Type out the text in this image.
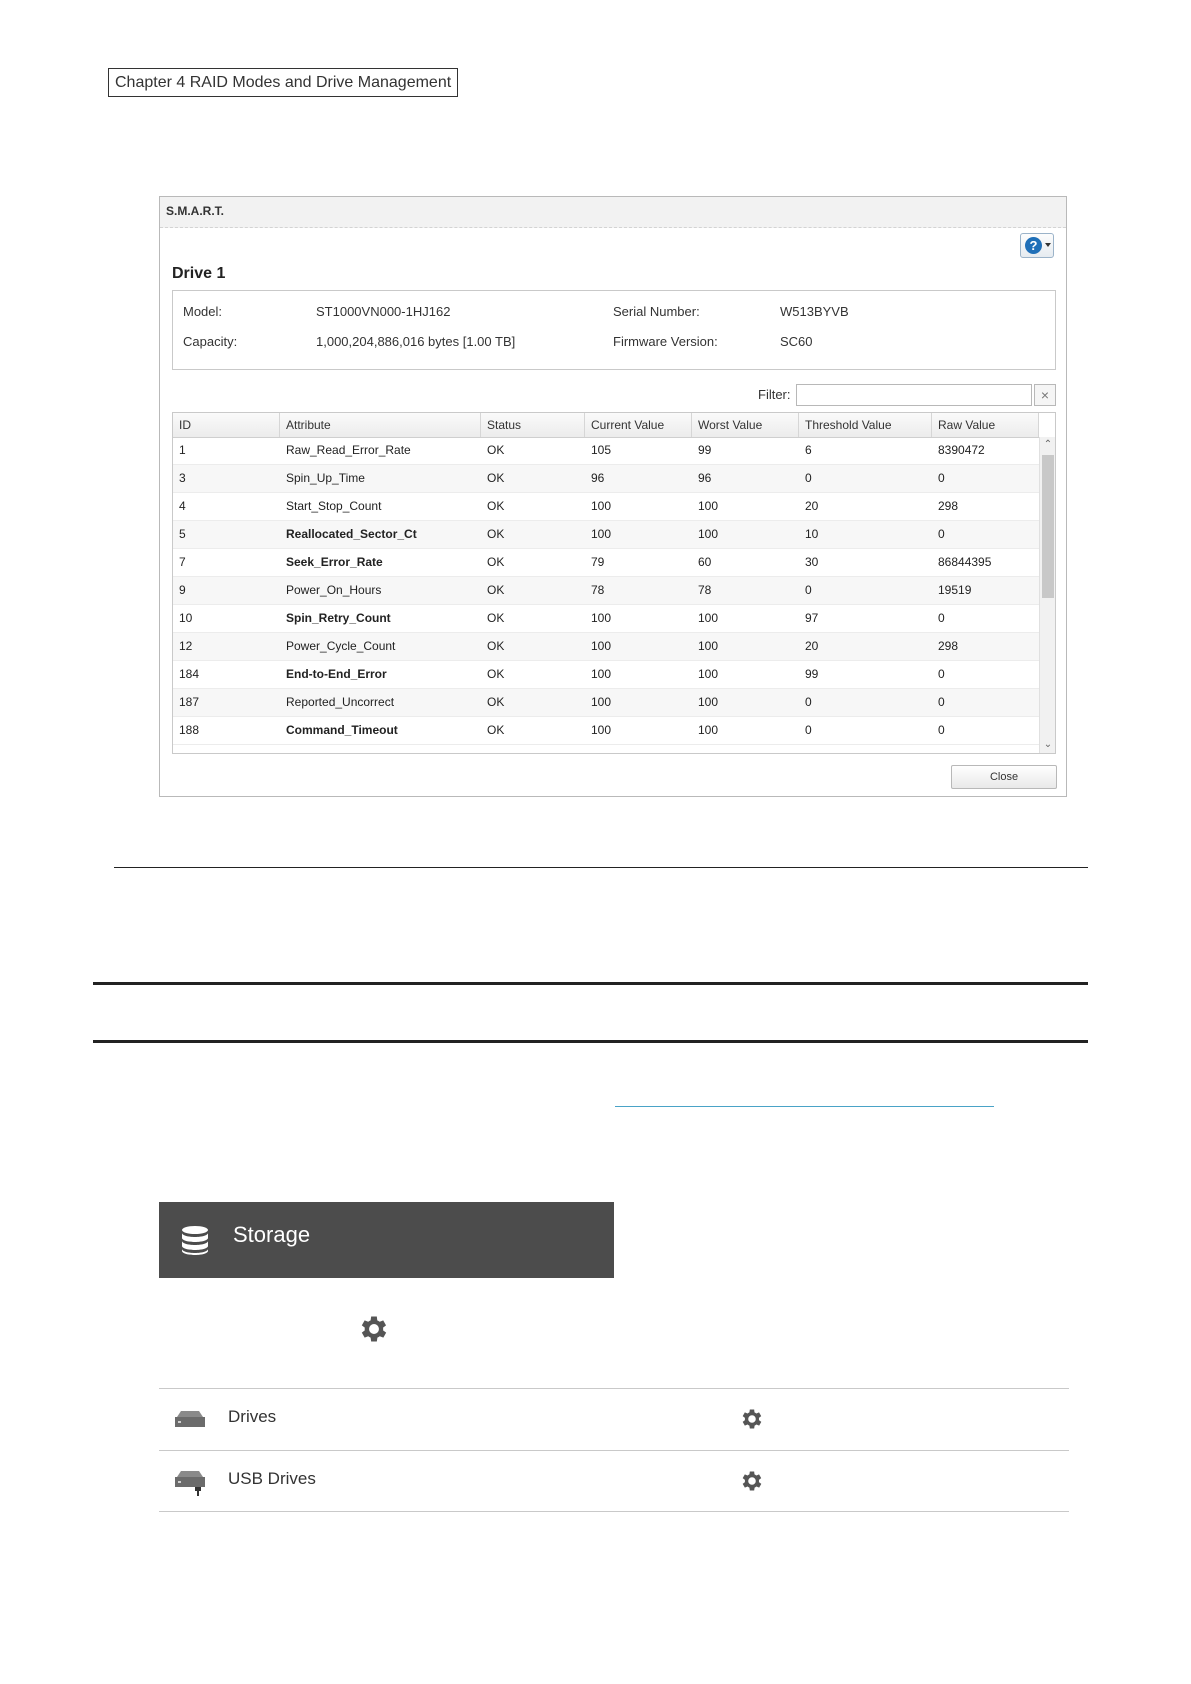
Chapter 4 RAID Modes and Drive Management
S.M.A.R.T.
?
Drive 1
Model:	ST1000VN000-1HJ162	Serial Number:	W513BYVB
Capacity:	1,000,204,886,016 bytes [1.00 TB]	Firmware Version:	SC60
Filter:	×
ID	Attribute	Status	Current Value	Worst Value	Threshold Value	Raw Value
1	Raw_Read_Error_Rate	OK	105	99	6	8390472
3	Spin_Up_Time	OK	96	96	0	0
4	Start_Stop_Count	OK	100	100	20	298
5	Reallocated_Sector_Ct	OK	100	100	10	0
7	Seek_Error_Rate	OK	79	60	30	86844395
9	Power_On_Hours	OK	78	78	0	19519
10	Spin_Retry_Count	OK	100	100	97	0
12	Power_Cycle_Count	OK	100	100	20	298
184	End-to-End_Error	OK	100	100	99	0
187	Reported_Uncorrect	OK	100	100	0	0
188	Command_Timeout	OK	100	100	0	0
⌃
⌄
Close
Storage
Drives
USB Drives
